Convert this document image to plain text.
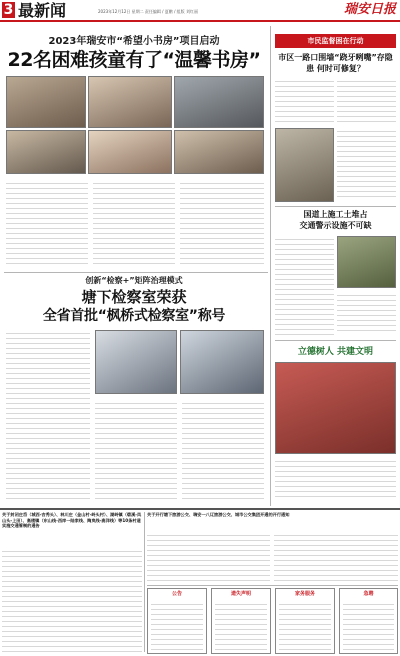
3 最新闻	2023年12月12日 星期二 责任编辑 / 夏鹏 / 组版 刘红丽	瑞安日报
2023年瑞安市“希望小书房”项目启动
22名困难孩童有了“温馨书房”
创新“检察+”矩阵治理模式
塘下检察室荣获
全省首批“枫桥式检察室”称号
市民监督困在行动
市区一路口围墙“跷牙咧嘴”存隐患 何时可修复？
国道上施工土堆占
交通警示设施不可缺
立德树人 共建文明
关于封闭庄岙（城西-吉秀头）、林川庄（金山村-岭头村）、湖岭镇（碧溪-凤山头-上田）、高楼镇（东山线-西岸一陆家线、陶岚线-高洋线）等10条村道实施交通管制的通告
关于开行塘下旅游公交、瑞安一八辽旅游公交、城市公交集团开通的开行通知
公告	遗失声明	家务服务	急聘
